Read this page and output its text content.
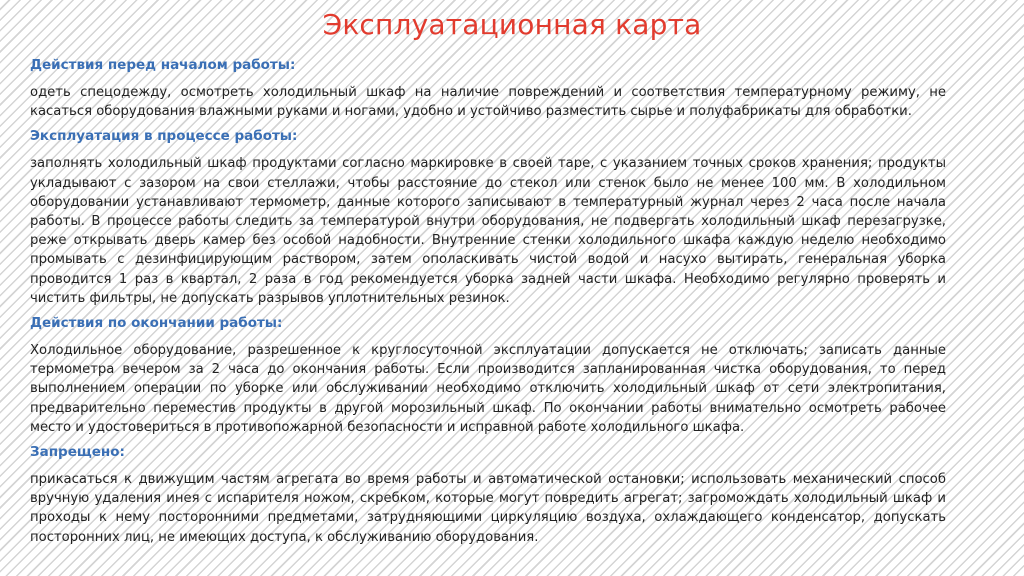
Эксплуатационная карта
Действия перед началом работы:
одеть спецодежду, осмотреть холодильный шкаф на наличие повреждений и соответствия температурному режиму, не касаться оборудования влажными руками и ногами, удобно и устойчиво разместить сырье и полуфабрикаты для обработки.
Эксплуатация в процессе работы:
заполнять холодильный шкаф продуктами согласно маркировке в своей таре, с указанием точных сроков хранения; продукты укладывают с зазором на свои стеллажи, чтобы расстояние до стекол или стенок было не менее 100 мм. В холодильном оборудовании устанавливают термометр, данные которого записывают в температурный журнал через 2 часа после начала работы. В процессе работы следить за температурой внутри оборудования, не подвергать холодильный шкаф перезагрузке, реже открывать дверь камер без особой надобности. Внутренние стенки холодильного шкафа каждую неделю необходимо промывать с дезинфицирующим раствором, затем ополаскивать чистой водой и насухо вытирать, генеральная уборка проводится 1 раз в квартал, 2 раза в год рекомендуется уборка задней части шкафа. Необходимо регулярно проверять и чистить фильтры, не допускать разрывов уплотнительных резинок.
Действия по окончании работы:
Холодильное оборудование, разрешенное к круглосуточной эксплуатации допускается не отключать; записать данные термометра вечером за 2 часа до окончания работы. Если производится запланированная чистка оборудования, то перед выполнением операции по уборке или обслуживании необходимо отключить холодильный шкаф от сети электропитания, предварительно переместив продукты в другой морозильный шкаф. По окончании работы внимательно осмотреть рабочее место и удостовериться в противопожарной безопасности и исправной работе холодильного шкафа.
Запрещено:
прикасаться к движущим частям агрегата во время работы и автоматической остановки; использовать механический способ вручную удаления инея с испарителя ножом, скребком, которые могут повредить агрегат; загромождать холодильный шкаф и проходы к нему посторонними предметами, затрудняющими циркуляцию воздуха, охлаждающего конденсатор, допускать посторонних лиц, не имеющих доступа, к обслуживанию оборудования.
